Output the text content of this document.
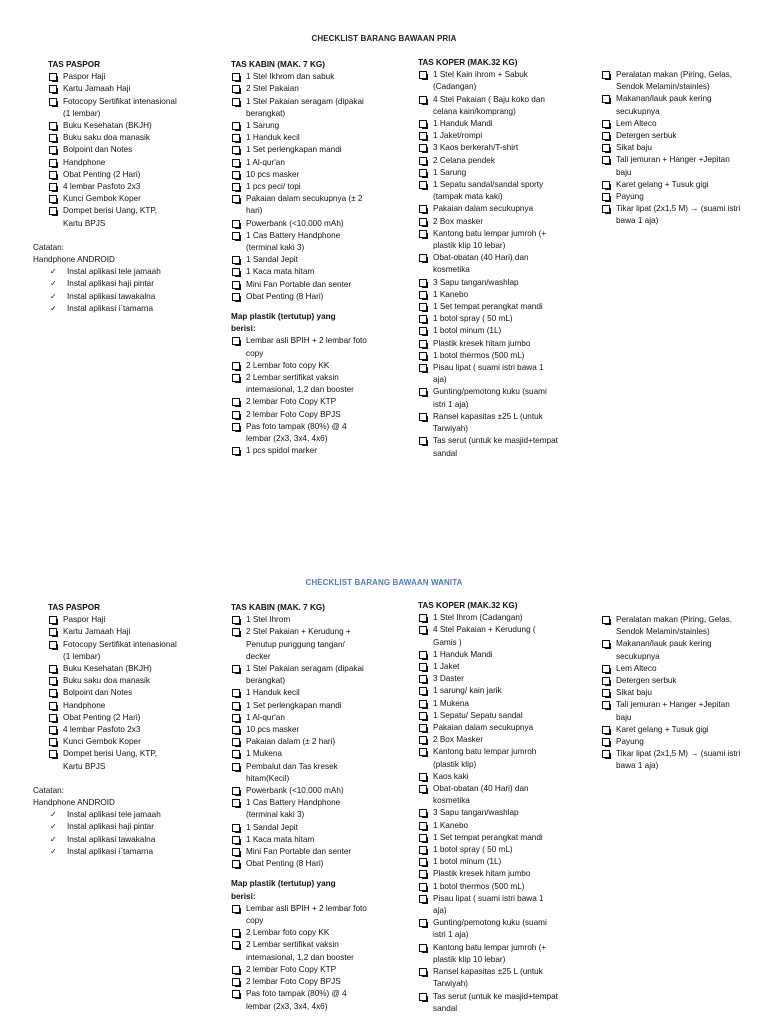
CHECKLIST BARANG BAWAAN PRIA
TAS PASPOR
Paspor Haji
Kartu Jamaah Haji
Fotocopy Sertifikat intenasional (1 lembar)
Buku Kesehatan (BKJH)
Buku saku doa manasik
Bolpoint dan Notes
Handphone
Obat Penting (2 Hari)
4 lembar Pasfoto 2x3
Kunci Gembok Koper
Dompet berisi Uang, KTP, Kartu BPJS
Catatan:
Handphone ANDROID
✓ Instal aplikasi tele jamaah
✓ Instal aplikasi haji pintar
✓ Instal aplikasi tawakalna
✓ Instal aplikasi i`tamarna
TAS KABIN (MAK. 7 KG)
1 Stel Ikhrom dan sabuk
2 Stel Pakaian
1 Stel Pakaian seragam (dipakai berangkat)
1 Sarung
1 Handuk kecil
1 Set perlengkapan mandi
1 Al-qur'an
10 pcs masker
1 pcs peci/ topi
Pakaian dalam secukupnya (± 2 hari)
Powerbank (<10.000 mAh)
1 Cas Battery Handphone (terminal kaki 3)
1 Sandal Jepit
1 Kaca mata hitam
Mini Fan Portable dan senter
Obat Penting (8 Hari)
Map plastik (tertutup) yang berisi:
Lembar asli BPIH + 2 lembar foto copy
2 Lembar foto copy KK
2 Lembar sertifikat vaksin internasional, 1,2 dan booster
2 lembar Foto Copy KTP
2 lembar Foto Copy BPJS
Pas foto tampak (80%) @ 4 lembar (2x3, 3x4, 4x6)
1 pcs spidol marker
TAS KOPER (MAK.32 KG)
1 Stel Kain ihrom + Sabuk (Cadangan)
4 Stel Pakaian ( Baju koko dan celana kain/komprang)
1 Handuk Mandi
1 Jaket/rompi
3 Kaos berkerah/T-shirt
2 Celana pendek
1 Sarung
1 Sepatu sandal/sandal sporty (tampak mata kaki)
Pakaian dalam secukupnya
2 Box masker
Kantong batu lempar jumroh (+ plastik klip 10 lebar)
Obat-obatan (40 Hari) dan kosmetika
3 Sapu tangan/washlap
1 Kanebo
1 Set tempat perangkat mandi
1 botol spray ( 50 mL)
1 botol minum (1L)
Plastik kresek hitam jumbo
1 botol thermos (500 mL)
Pisau lipat ( suami istri bawa 1 aja)
Gunting/pemotong kuku (suami istri 1 aja)
Ransel kapasitas ±25 L (untuk Tarwiyah)
Tas serut (untuk ke masjid+tempat sandal
Peralatan makan (Piring, Gelas, Sendok Melamin/stainles)
Makanan/lauk pauk kering secukupnya
Lem Alteco
Detergen serbuk
Sikat baju
Tali jemuran + Hanger +Jepitan baju
Karet gelang + Tusuk gigi
Payung
Tikar lipat (2x1,5 M) → (suami istri bawa 1 aja)
CHECKLIST BARANG BAWAAN WANITA
TAS PASPOR
Paspor Haji
Kartu Jamaah Haji
Fotocopy Sertifikat intenasional (1 lembar)
Buku Kesehatan (BKJH)
Buku saku doa manasik
Bolpoint dan Notes
Handphone
Obat Penting (2 Hari)
4 lembar Pasfoto 2x3
Kunci Gembok Koper
Dompet berisi Uang, KTP, Kartu BPJS
Catatan:
Handphone ANDROID
✓ Instal aplikasi tele jamaah
✓ Instal aplikasi haji pintar
✓ Instal aplikasi tawakalna
✓ Instal aplikasi i`tamarna
TAS KABIN (MAK. 7 KG)
1 Stel Ihrom
2 Stel Pakaian + Kerudung + Penutup punggung tangan/ decker
1 Stel Pakaian seragam (dipakai berangkat)
1 Handuk kecil
1 Set perlengkapan mandi
1 Al-qur'an
10 pcs masker
Pakaian dalam (± 2 hari)
1 Mukena
Pembalut dan Tas kresek hitam(Kecil)
Powerbank (<10.000 mAh)
1 Cas Battery Handphone (terminal kaki 3)
1 Sandal Jepit
1 Kaca mata hitam
Mini Fan Portable dan senter
Obat Penting (8 Hari)
Map plastik (tertutup) yang berisi:
Lembar asli BPIH + 2 lembar foto copy
2 Lembar foto copy KK
2 Lembar sertifikat vaksin internasional, 1,2 dan booster
2 lembar Foto Copy KTP
2 lembar Foto Copy BPJS
Pas foto tampak (80%) @ 4 lembar (2x3, 3x4, 4x6)
TAS KOPER (MAK.32 KG)
1 Stel Ihrom (Cadangan)
4 Stel Pakaian + Kerudung ( Gamis )
1 Handuk Mandi
1 Jaket
3 Daster
1 sarung/ kain jarik
1 Mukena
1 Sepatu/ Sepatu sandal
Pakaian dalam secukupnya
2 Box Masker
Kantong batu lempar jumroh (plastik klip)
Kaos kaki
Obat-obatan (40 Hari) dan kosmetika
3 Sapu tangan/washlap
1 Kanebo
1 Set tempat perangkat mandi
1 botol spray ( 50 mL)
1 botol minum (1L)
Plastik kresek hitam jumbo
1 botol thermos (500 mL)
Pisau lipat ( suami istri bawa 1 aja)
Gunting/pemotong kuku (suami istri 1 aja)
Kantong batu lempar jumroh (+ plastik klip 10 lebar)
Ransel kapasitas ±25 L (untuk Tarwiyah)
Tas serut (untuk ke masjid+tempat sandal
Peralatan makan (Piring, Gelas, Sendok Melamin/stainles)
Makanan/lauk pauk kering secukupnya
Lem Alteco
Detergen serbuk
Sikat baju
Tali jemuran + Hanger +Jepitan baju
Karet gelang + Tusuk gigi
Payung
Tikar lipat (2x1,5 M) → (suami istri bawa 1 aja)
